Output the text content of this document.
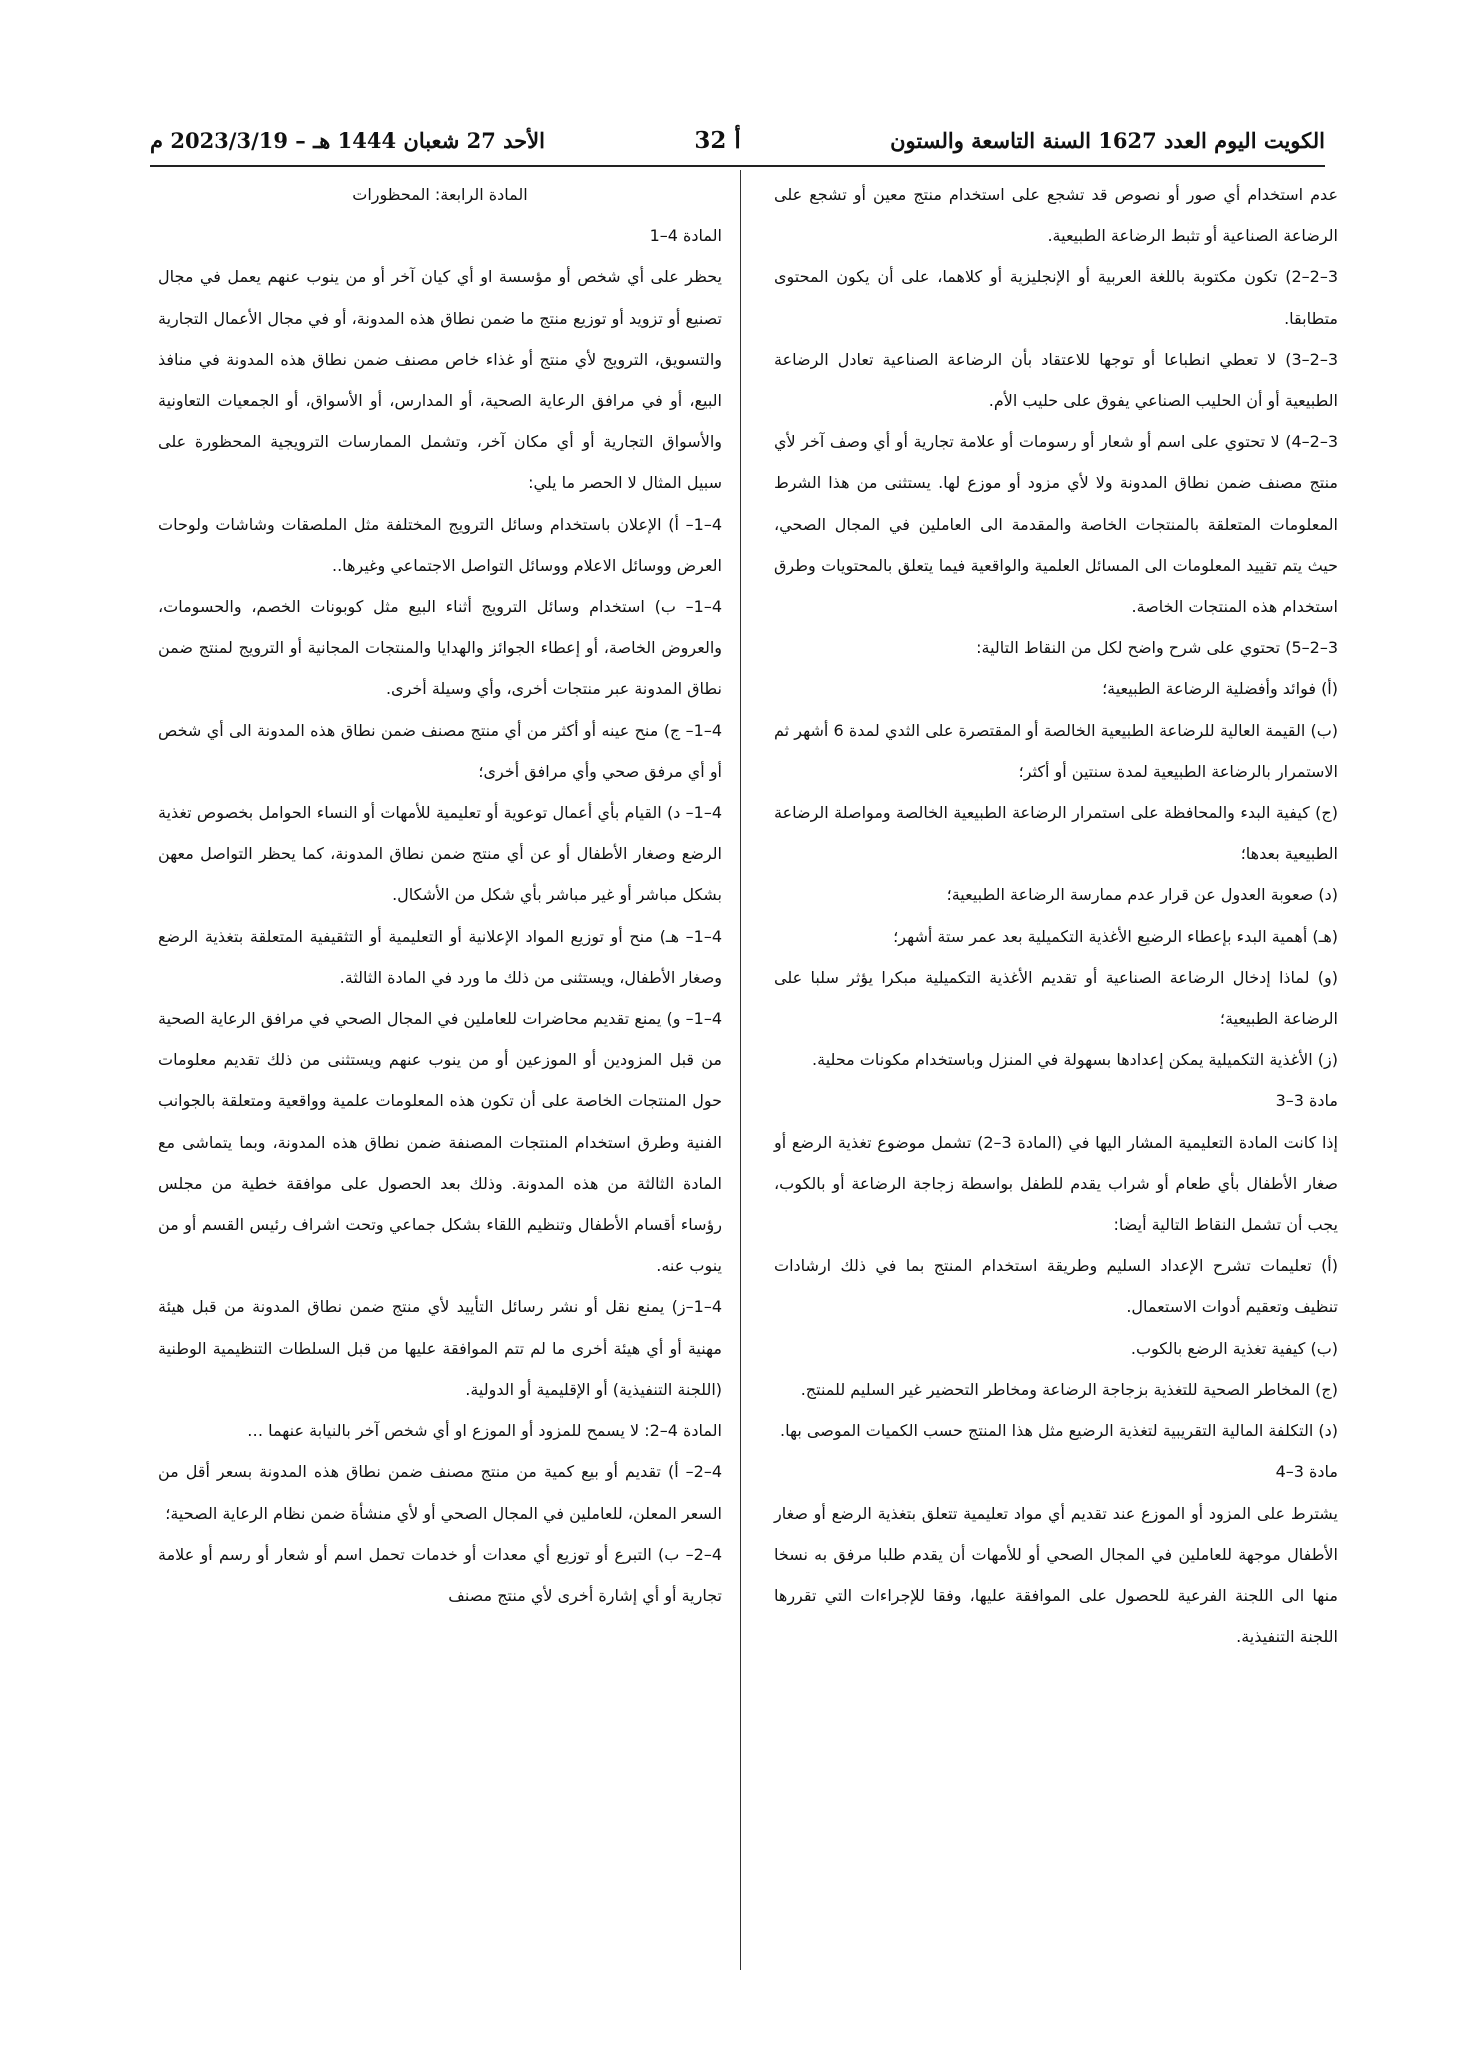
الكويت اليوم العدد 1627 السنة التاسعة والستون
أ 32
الأحد 27 شعبان 1444 هـ – 2023/3/19 م

عدم استخدام أي صور أو نصوص قد تشجع على استخدام منتج معين أو تشجع على الرضاعة الصناعية أو تثبط الرضاعة الطبيعية.

3–2–2) تكون مكتوبة باللغة العربية أو الإنجليزية أو كلاهما، على أن يكون المحتوى متطابقا.

3–2–3) لا تعطي انطباعا أو توجها للاعتقاد بأن الرضاعة الصناعية تعادل الرضاعة الطبيعية أو أن الحليب الصناعي يفوق على حليب الأم.

3–2–4) لا تحتوي على اسم أو شعار أو رسومات أو علامة تجارية أو أي وصف آخر لأي منتج مصنف ضمن نطاق المدونة ولا لأي مزود أو موزع لها. يستثنى من هذا الشرط المعلومات المتعلقة بالمنتجات الخاصة والمقدمة الى العاملين في المجال الصحي، حيث يتم تقييد المعلومات الى المسائل العلمية والواقعية فيما يتعلق بالمحتويات وطرق استخدام هذه المنتجات الخاصة.

3–2–5) تحتوي على شرح واضح لكل من النقاط التالية:

(أ) فوائد وأفضلية الرضاعة الطبيعية؛

(ب) القيمة العالية للرضاعة الطبيعية الخالصة أو المقتصرة على الثدي لمدة 6 أشهر ثم الاستمرار بالرضاعة الطبيعية لمدة سنتين أو أكثر؛

(ج) كيفية البدء والمحافظة على استمرار الرضاعة الطبيعية الخالصة ومواصلة الرضاعة الطبيعية بعدها؛

(د) صعوبة العدول عن قرار عدم ممارسة الرضاعة الطبيعية؛

(هـ) أهمية البدء بإعطاء الرضيع الأغذية التكميلية بعد عمر ستة أشهر؛

(و) لماذا إدخال الرضاعة الصناعية أو تقديم الأغذية التكميلية مبكرا يؤثر سلبا على الرضاعة الطبيعية؛

(ز) الأغذية التكميلية يمكن إعدادها بسهولة في المنزل وباستخدام مكونات محلية.

مادة 3–3

إذا كانت المادة التعليمية المشار اليها في (المادة 3–2) تشمل موضوع تغذية الرضع أو صغار الأطفال بأي طعام أو شراب يقدم للطفل بواسطة زجاجة الرضاعة أو بالكوب، يجب أن تشمل النقاط التالية أيضا:

(أ) تعليمات تشرح الإعداد السليم وطريقة استخدام المنتج بما في ذلك ارشادات تنظيف وتعقيم أدوات الاستعمال.

(ب) كيفية تغذية الرضع بالكوب.

(ج) المخاطر الصحية للتغذية بزجاجة الرضاعة ومخاطر التحضير غير السليم للمنتج.

(د) التكلفة المالية التقريبية لتغذية الرضيع مثل هذا المنتج حسب الكميات الموصى بها.

مادة 3–4

يشترط على المزود أو الموزع عند تقديم أي مواد تعليمية تتعلق بتغذية الرضع أو صغار الأطفال موجهة للعاملين في المجال الصحي أو للأمهات أن يقدم طلبا مرفق به نسخا منها الى اللجنة الفرعية للحصول على الموافقة عليها، وفقا للإجراءات التي تقررها اللجنة التنفيذية.

المادة الرابعة: المحظورات

المادة 4–1

يحظر على أي شخص أو مؤسسة او أي كيان آخر أو من ينوب عنهم يعمل في مجال تصنيع أو تزويد أو توزيع منتج ما ضمن نطاق هذه المدونة، أو في مجال الأعمال التجارية والتسويق، الترويج لأي منتج أو غذاء خاص مصنف ضمن نطاق هذه المدونة في منافذ البيع، أو في مرافق الرعاية الصحية، أو المدارس، أو الأسواق، أو الجمعيات التعاونية والأسواق التجارية أو أي مكان آخر، وتشمل الممارسات الترويجية المحظورة على سبيل المثال لا الحصر ما يلي:

4–1– أ) الإعلان باستخدام وسائل الترويج المختلفة مثل الملصقات وشاشات ولوحات العرض ووسائل الاعلام ووسائل التواصل الاجتماعي وغيرها..

4–1– ب) استخدام وسائل الترويج أثناء البيع مثل كوبونات الخصم، والحسومات، والعروض الخاصة، أو إعطاء الجوائز والهدايا والمنتجات المجانية أو الترويج لمنتج ضمن نطاق المدونة عبر منتجات أخرى، وأي وسيلة أخرى.

4–1– ج) منح عينه أو أكثر من أي منتج مصنف ضمن نطاق هذه المدونة الى أي شخص أو أي مرفق صحي وأي مرافق أخرى؛

4–1– د) القيام بأي أعمال توعوية أو تعليمية للأمهات أو النساء الحوامل بخصوص تغذية الرضع وصغار الأطفال أو عن أي منتج ضمن نطاق المدونة، كما يحظر التواصل معهن بشكل مباشر أو غير مباشر بأي شكل من الأشكال.

4–1– هـ) منح أو توزيع المواد الإعلانية أو التعليمية أو التثقيفية المتعلقة بتغذية الرضع وصغار الأطفال، ويستثنى من ذلك ما ورد في المادة الثالثة.

4–1– و) يمنع تقديم محاضرات للعاملين في المجال الصحي في مرافق الرعاية الصحية من قبل المزودين أو الموزعين أو من ينوب عنهم ويستثنى من ذلك تقديم معلومات حول المنتجات الخاصة على أن تكون هذه المعلومات علمية وواقعية ومتعلقة بالجوانب الفنية وطرق استخدام المنتجات المصنفة ضمن نطاق هذه المدونة، وبما يتماشى مع المادة الثالثة من هذه المدونة. وذلك بعد الحصول على موافقة خطية من مجلس رؤساء أقسام الأطفال وتنظيم اللقاء بشكل جماعي وتحت اشراف رئيس القسم أو من ينوب عنه.

4–1–ز) يمنع نقل أو نشر رسائل التأييد لأي منتج ضمن نطاق المدونة من قبل هيئة مهنية أو أي هيئة أخرى ما لم تتم الموافقة عليها من قبل السلطات التنظيمية الوطنية (اللجنة التنفيذية) أو الإقليمية أو الدولية.

المادة 4–2: لا يسمح للمزود أو الموزع او أي شخص آخر بالنيابة عنهما …

4–2– أ) تقديم أو بيع كمية من منتج مصنف ضمن نطاق هذه المدونة بسعر أقل من السعر المعلن، للعاملين في المجال الصحي أو لأي منشأة ضمن نظام الرعاية الصحية؛

4–2– ب) التبرع أو توزيع أي معدات أو خدمات تحمل اسم أو شعار أو رسم أو علامة تجارية أو أي إشارة أخرى لأي منتج مصنف
